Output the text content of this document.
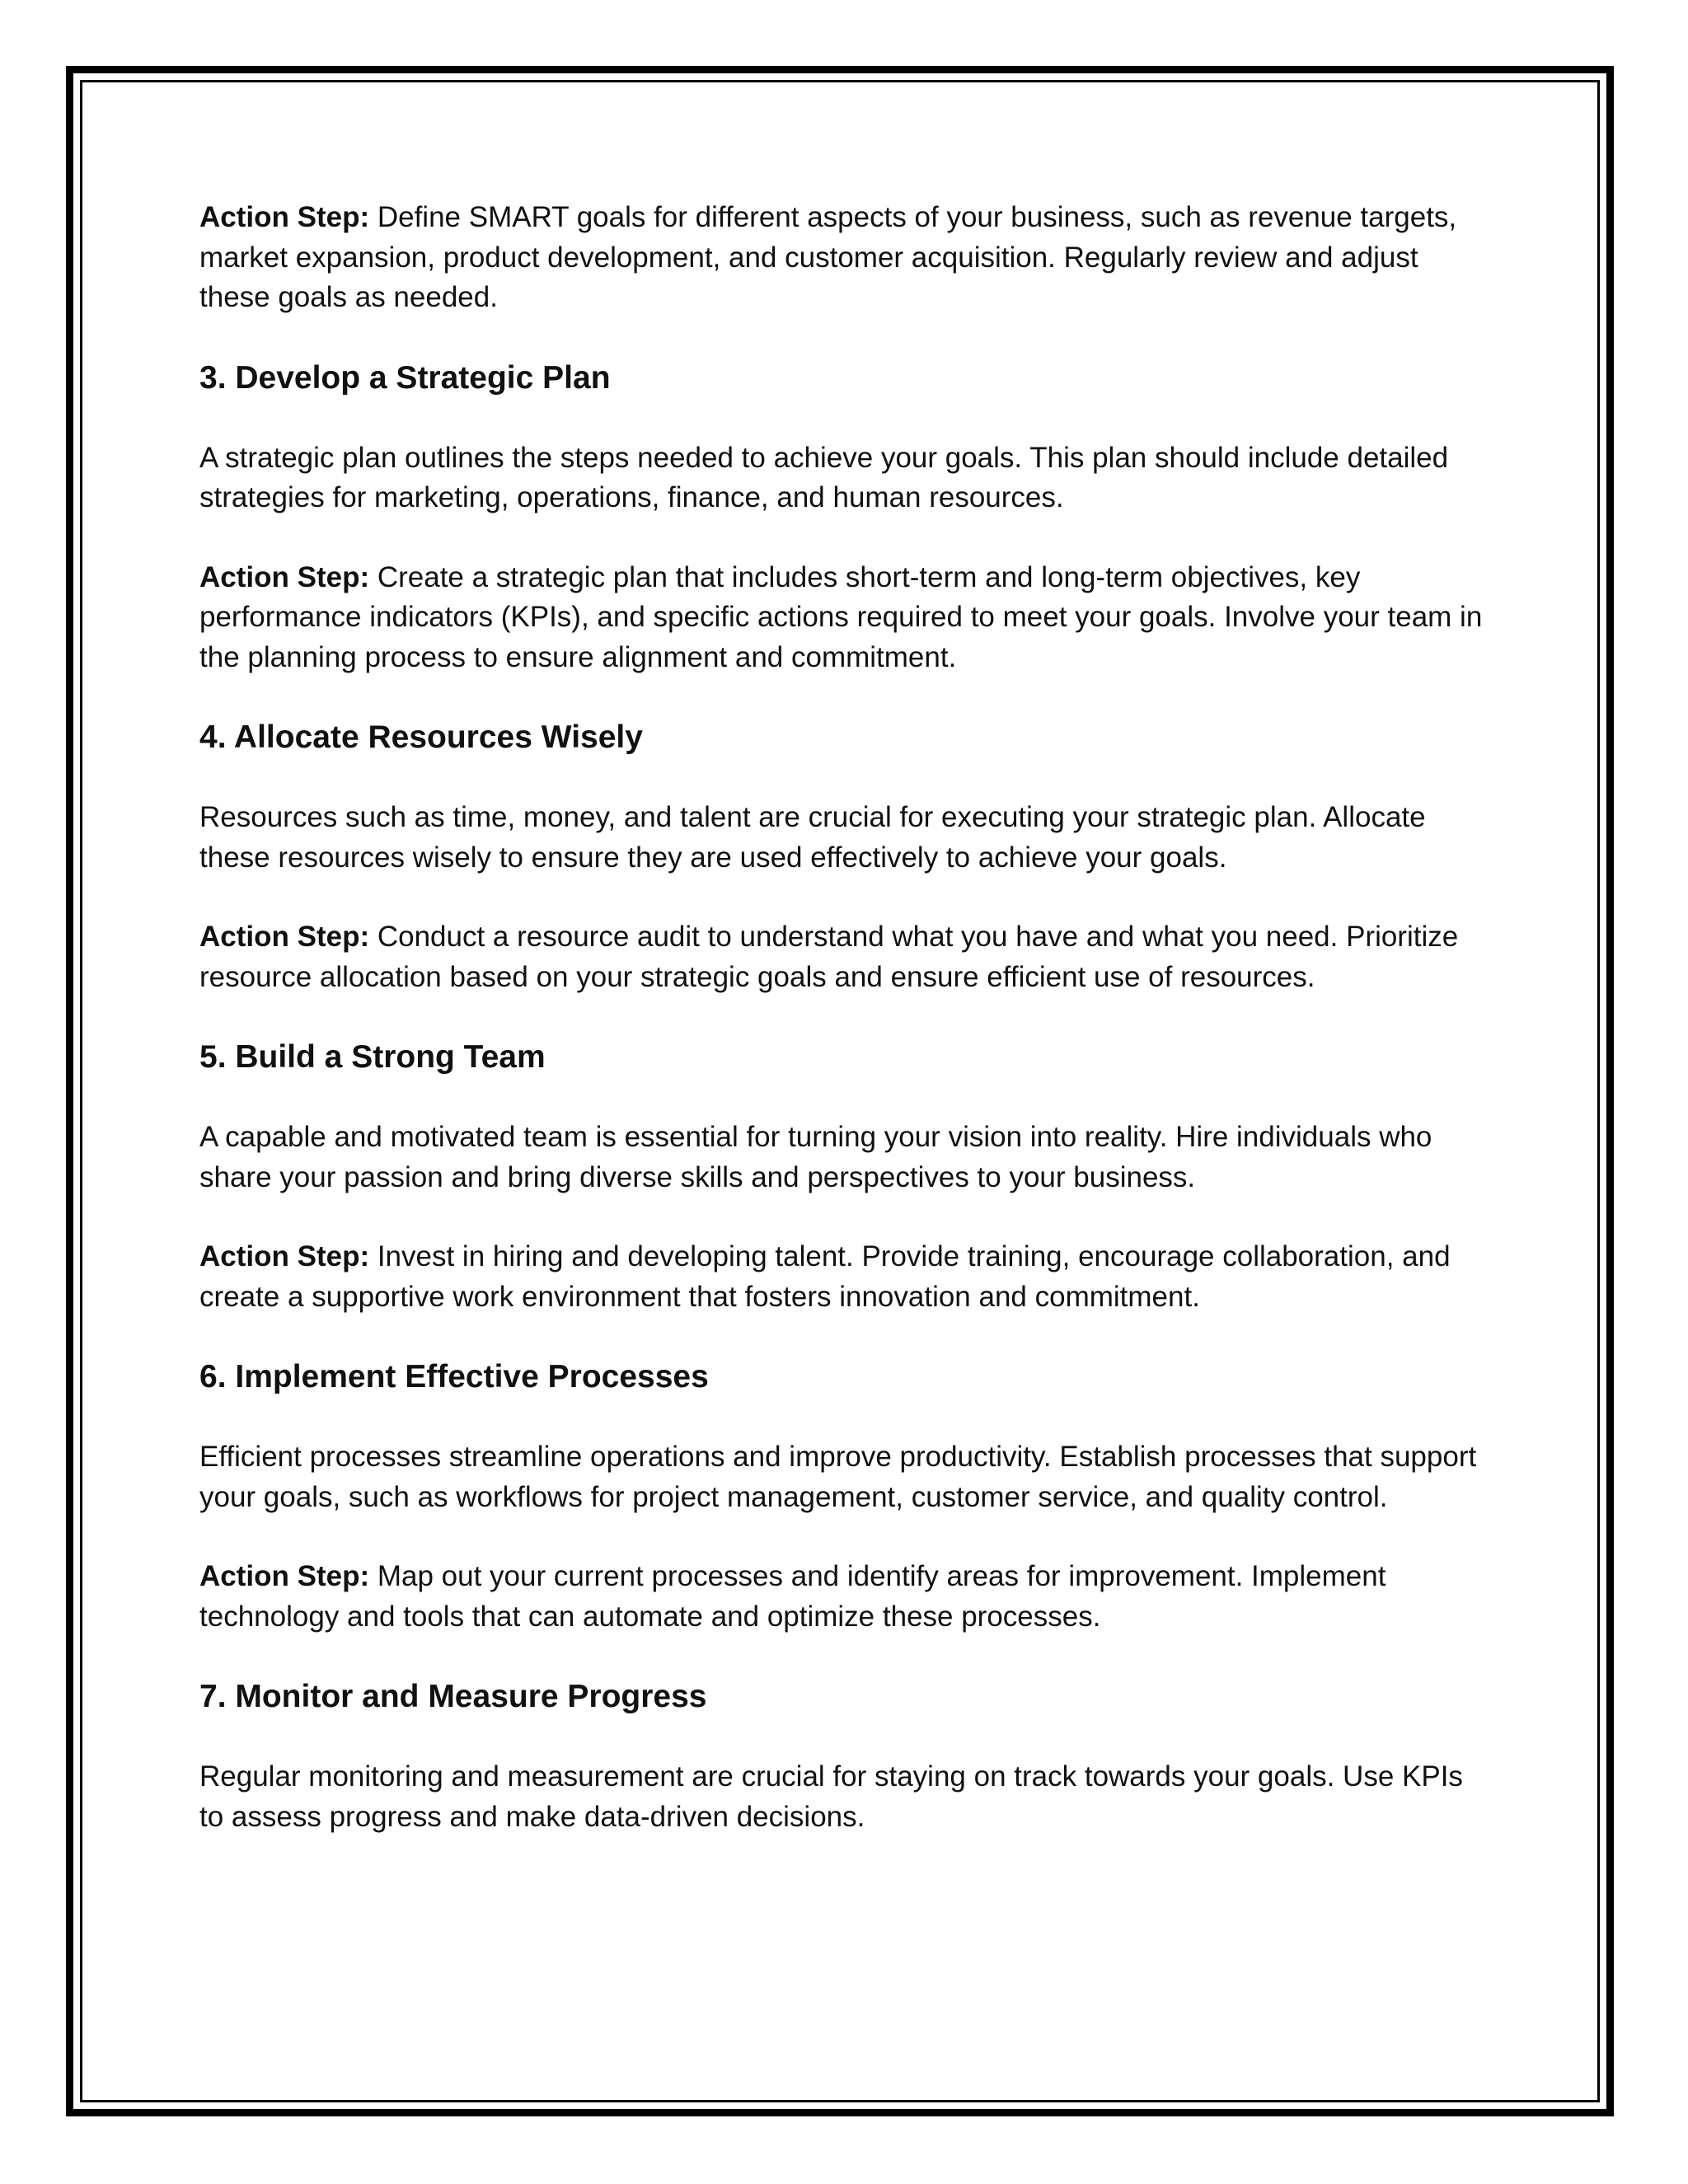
Action Step: Define SMART goals for different aspects of your business, such as revenue targets, market expansion, product development, and customer acquisition. Regularly review and adjust these goals as needed.

3. Develop a Strategic Plan

A strategic plan outlines the steps needed to achieve your goals. This plan should include detailed strategies for marketing, operations, finance, and human resources.

Action Step: Create a strategic plan that includes short-term and long-term objectives, key performance indicators (KPIs), and specific actions required to meet your goals. Involve your team in the planning process to ensure alignment and commitment.

4. Allocate Resources Wisely

Resources such as time, money, and talent are crucial for executing your strategic plan. Allocate these resources wisely to ensure they are used effectively to achieve your goals.

Action Step: Conduct a resource audit to understand what you have and what you need. Prioritize resource allocation based on your strategic goals and ensure efficient use of resources.

5. Build a Strong Team

A capable and motivated team is essential for turning your vision into reality. Hire individuals who share your passion and bring diverse skills and perspectives to your business.

Action Step: Invest in hiring and developing talent. Provide training, encourage collaboration, and create a supportive work environment that fosters innovation and commitment.

6. Implement Effective Processes

Efficient processes streamline operations and improve productivity. Establish processes that support your goals, such as workflows for project management, customer service, and quality control.

Action Step: Map out your current processes and identify areas for improvement. Implement technology and tools that can automate and optimize these processes.

7. Monitor and Measure Progress

Regular monitoring and measurement are crucial for staying on track towards your goals. Use KPIs to assess progress and make data-driven decisions.
